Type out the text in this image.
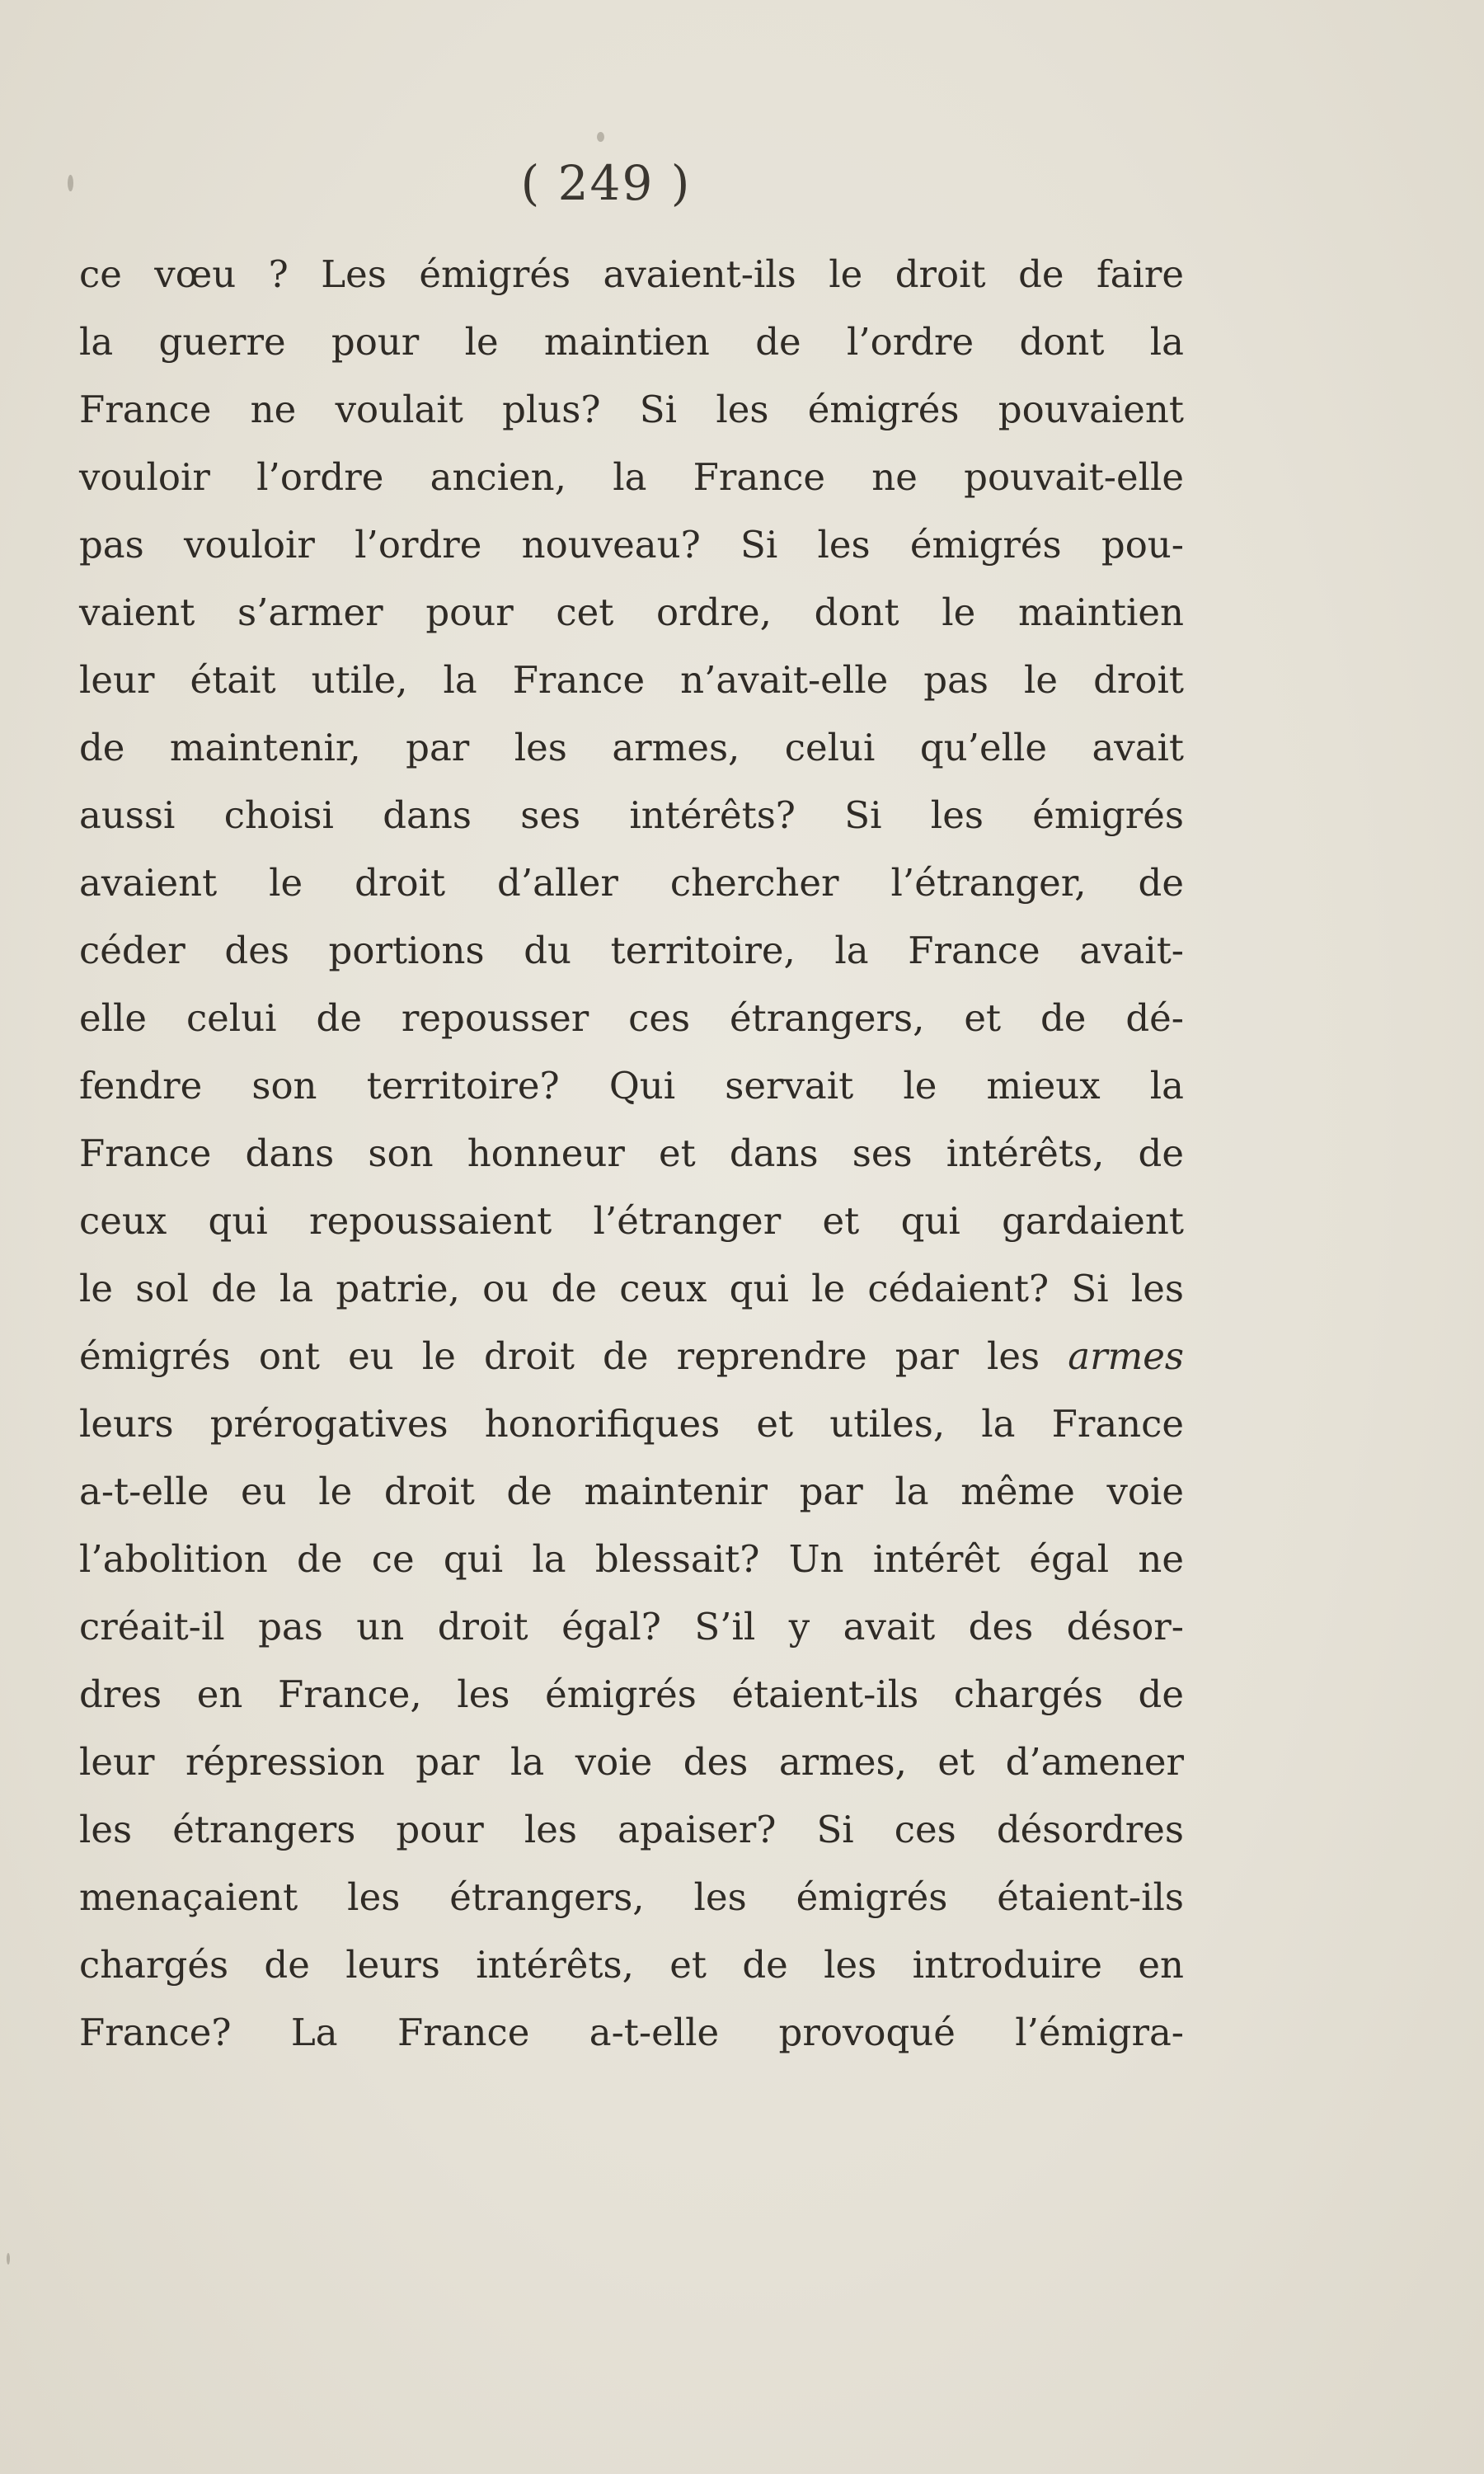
( 249 )
ce vœu ? Les émigrés avaient-ils le droit de faire
la guerre pour le maintien de l’ordre dont la
France ne voulait plus? Si les émigrés pouvaient
vouloir l’ordre ancien, la France ne pouvait-elle
pas vouloir l’ordre nouveau? Si les émigrés pou-
vaient s’armer pour cet ordre, dont le maintien
leur était utile, la France n’avait-elle pas le droit
de maintenir, par les armes, celui qu’elle avait
aussi choisi dans ses intérêts? Si les émigrés
avaient le droit d’aller chercher l’étranger, de
céder des portions du territoire, la France avait-
elle celui de repousser ces étrangers, et de dé-
fendre son territoire? Qui servait le mieux la
France dans son honneur et dans ses intérêts, de
ceux qui repoussaient l’étranger et qui gardaient
le sol de la patrie, ou de ceux qui le cédaient? Si les
émigrés ont eu le droit de reprendre par les armes
leurs prérogatives honorifiques et utiles, la France
a-t-elle eu le droit de maintenir par la même voie
l’abolition de ce qui la blessait? Un intérêt égal ne
créait-il pas un droit égal? S’il y avait des désor-
dres en France, les émigrés étaient-ils chargés de
leur répression par la voie des armes, et d’amener
les étrangers pour les apaiser? Si ces désordres
menaçaient les étrangers, les émigrés étaient-ils
chargés de leurs intérêts, et de les introduire en
France? La France a-t-elle provoqué l’émigra-
